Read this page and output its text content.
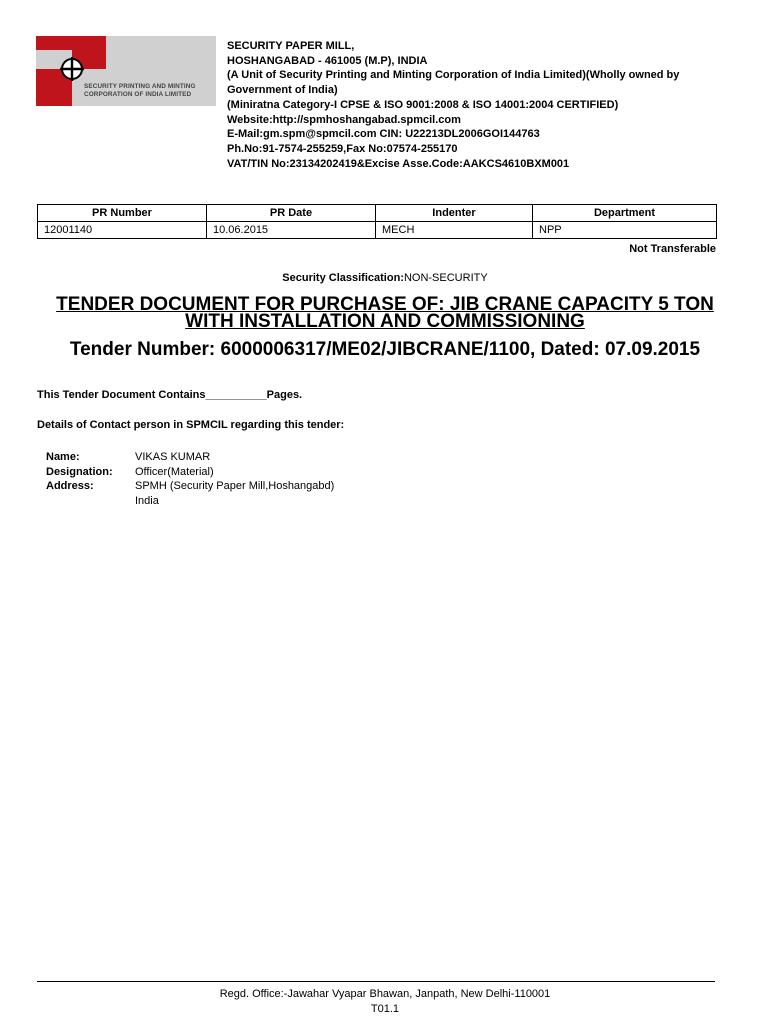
SECURITY PRINTING AND MINTING
CORPORATION OF INDIA LIMITED
SECURITY PAPER MILL,
HOSHANGABAD - 461005 (M.P), INDIA
(A Unit of Security Printing and Minting Corporation of India Limited)(Wholly owned by Government of India)
(Miniratna Category-I CPSE & ISO 9001:2008 & ISO 14001:2004 CERTIFIED)
Website:http://spmhoshangabad.spmcil.com
E-Mail:gm.spm@spmcil.com CIN: U22213DL2006GOI144763
Ph.No:91-7574-255259,Fax No:07574-255170
VAT/TIN No:23134202419&Excise Asse.Code:AAKCS4610BXM001
PR Number	PR Date	Indenter	Department
12001140	10.06.2015	MECH	NPP
Not Transferable
Security Classification:NON-SECURITY
TENDER DOCUMENT FOR PURCHASE OF: JIB CRANE CAPACITY 5 TON WITH INSTALLATION AND COMMISSIONING
Tender Number: 6000006317/ME02/JIBCRANE/1100, Dated: 07.09.2015
This Tender Document Contains__________Pages.
Details of Contact person in SPMCIL regarding this tender:
Name:	VIKAS KUMAR
Designation:	Officer(Material)
Address:	SPMH (Security Paper Mill,Hoshangabd)
India
Regd. Office:-Jawahar Vyapar Bhawan, Janpath, New Delhi-110001
T01.1
